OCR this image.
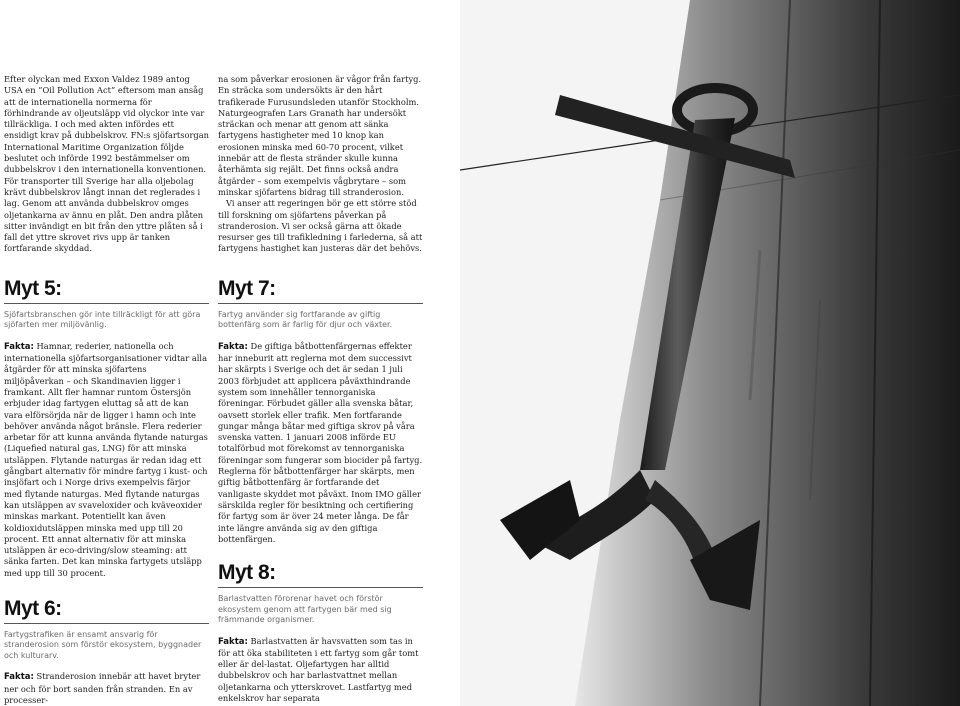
Efter olyckan med Exxon Valdez 1989 antog USA en ”Oil Pollution Act” eftersom man ansåg att de internationella normerna för förhindrande av oljeutsläpp vid olyckor inte var tillräckliga. I och med akten infördes ett ensidigt krav på dubbelskrov. FN:s sjöfartsorgan International Maritime Organization följde beslutet och införde 1992 bestämmelser om dubbelskrov i den internationella konventionen. För transporter till Sverige har alla oljebolag krävt dubbelskrov långt innan det reglerades i lag. Genom att använda dubbelskrov omges oljetankarna av ännu en plåt. Den andra plåten sitter invändigt en bit från den yttre plåten så i fall det yttre skrovet rivs upp är tanken fortfarande skyddad.

Myt 5:

Sjöfartsbranschen gör inte tillräckligt för att göra sjöfarten mer miljövänlig.

Fakta: Hamnar, rederier, nationella och internationella sjöfartsorganisationer vidtar alla åtgärder för att minska sjöfartens miljöpåverkan – och Skandinavien ligger i framkant. Allt fler hamnar runtom Östersjön erbjuder idag fartygen eluttag så att de kan vara elförsörjda när de ligger i hamn och inte behöver använda något bränsle. Flera rederier arbetar för att kunna använda flytande naturgas (Liquefied natural gas, LNG) för att minska utsläppen. Flytande naturgas är redan idag ett gångbart alternativ för mindre fartyg i kust- och insjöfart och i Norge drivs exempelvis färjor med flytande naturgas. Med flytande naturgas kan utsläppen av svaveloxider och kväveoxider minskas markant. Potentiellt kan även koldioxidutsläppen minska med upp till 20 procent. Ett annat alternativ för att minska utsläppen är eco-driving/slow steaming: att sänka farten. Det kan minska fartygets utsläpp med upp till 30 procent.

Myt 6:

Fartygstrafiken är ensamt ansvarig för stranderosion som förstör ekosystem, byggnader och kulturarv.

Fakta: Stranderosion innebär att havet bryter ner och för bort sanden från stranden. En av processer-

na som påverkar erosionen är vågor från fartyg. En sträcka som undersökts är den hårt trafikerade Furusundsleden utanför Stockholm. Naturgeografen Lars Granath har undersökt sträckan och menar att genom att sänka fartygens hastigheter med 10 knop kan erosionen minska med 60-70 procent, vilket innebär att de flesta stränder skulle kunna återhämta sig rejält. Det finns också andra åtgärder – som exempelvis vågbrytare – som minskar sjöfartens bidrag till stranderosion.

Vi anser att regeringen bör ge ett större stöd till forskning om sjöfartens påverkan på stranderosion. Vi ser också gärna att ökade resurser ges till trafikledning i farlederna, så att fartygens hastighet kan justeras där det behövs.

Myt 7:

Fartyg använder sig fortfarande av giftig bottenfärg som är farlig för djur och växter.

Fakta: De giftiga båtbottenfärgernas effekter har inneburit att reglerna mot dem successivt har skärpts i Sverige och det är sedan 1 juli 2003 förbjudet att applicera påväxthindrande system som innehåller tennorganiska föreningar. Förbudet gäller alla svenska båtar, oavsett storlek eller trafik. Men fortfarande gungar många båtar med giftiga skrov på våra svenska vatten. 1 januari 2008 införde EU totalförbud mot förekomst av tennorganiska föreningar som fungerar som biocider på fartyg. Reglerna för båtbottenfärger har skärpts, men giftig båtbottenfärg är fortfarande det vanligaste skyddet mot påväxt. Inom IMO gäller särskilda regler för besiktning och certifiering för fartyg som är över 24 meter långa. De får inte längre använda sig av den giftiga bottenfärgen.

Myt 8:

Barlastvatten förorenar havet och förstör ekosystem genom att fartygen bär med sig främmande organismer.

Fakta: Barlastvatten är havsvatten som tas in för att öka stabiliteten i ett fartyg som går tomt eller är del-lastat. Oljefartygen har alltid dubbelskrov och har barlastvattnet mellan oljetankarna och ytterskrovet. Lastfartyg med enkelskrov har separata
